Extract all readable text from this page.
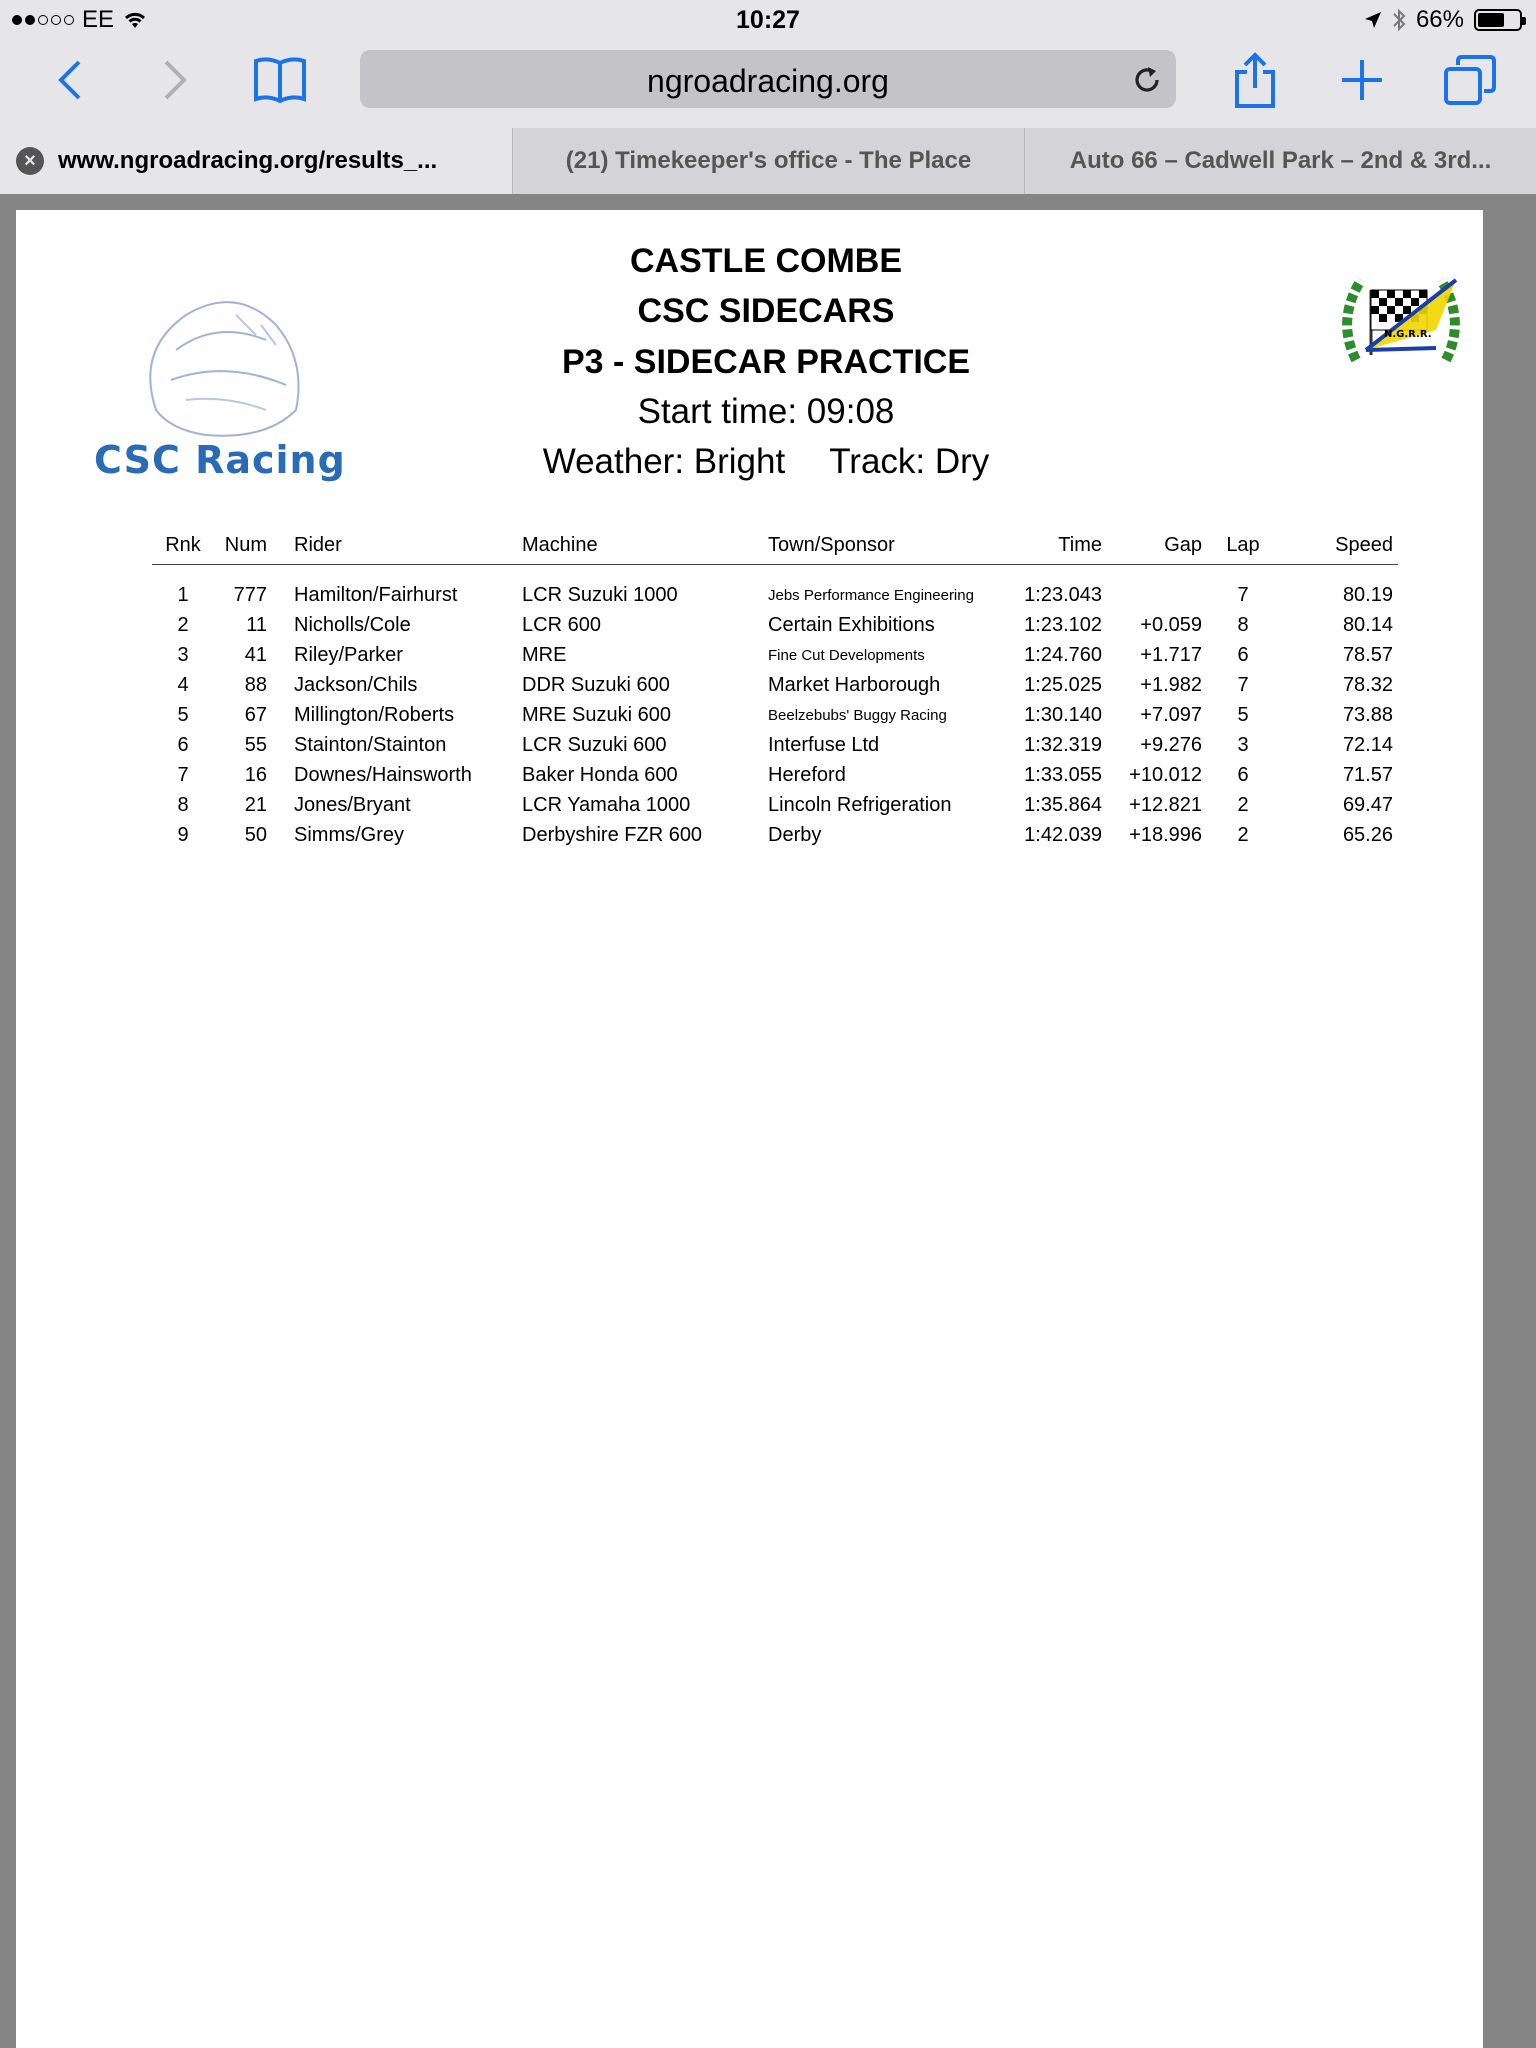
EE	10:27	66%
ngroadracing.org
× www.ngroadracing.org/results_...	(21) Timekeeper's office - The Place	Auto 66 – Cadwell Park – 2nd & 3rd...
CSC Racing
N.G.R.R.
CASTLE COMBE
CSC SIDECARS
P3 - SIDECAR PRACTICE
Start time: 09:08
Weather: Bright Track: Dry
Rnk	Num	Rider	Machine	Town/Sponsor	Time	Gap	Lap	Speed

1	777	Hamilton/Fairhurst	LCR Suzuki 1000	Jebs Performance Engineering	1:23.043		7	80.19
2	11	Nicholls/Cole	LCR 600	Certain Exhibitions	1:23.102	+0.059	8	80.14
3	41	Riley/Parker	MRE	Fine Cut Developments	1:24.760	+1.717	6	78.57
4	88	Jackson/Chils	DDR Suzuki 600	Market Harborough	1:25.025	+1.982	7	78.32
5	67	Millington/Roberts	MRE Suzuki 600	Beelzebubs' Buggy Racing	1:30.140	+7.097	5	73.88
6	55	Stainton/Stainton	LCR Suzuki 600	Interfuse Ltd	1:32.319	+9.276	3	72.14
7	16	Downes/Hainsworth	Baker Honda 600	Hereford	1:33.055	+10.012	6	71.57
8	21	Jones/Bryant	LCR Yamaha 1000	Lincoln Refrigeration	1:35.864	+12.821	2	69.47
9	50	Simms/Grey	Derbyshire FZR 600	Derby	1:42.039	+18.996	2	65.26
